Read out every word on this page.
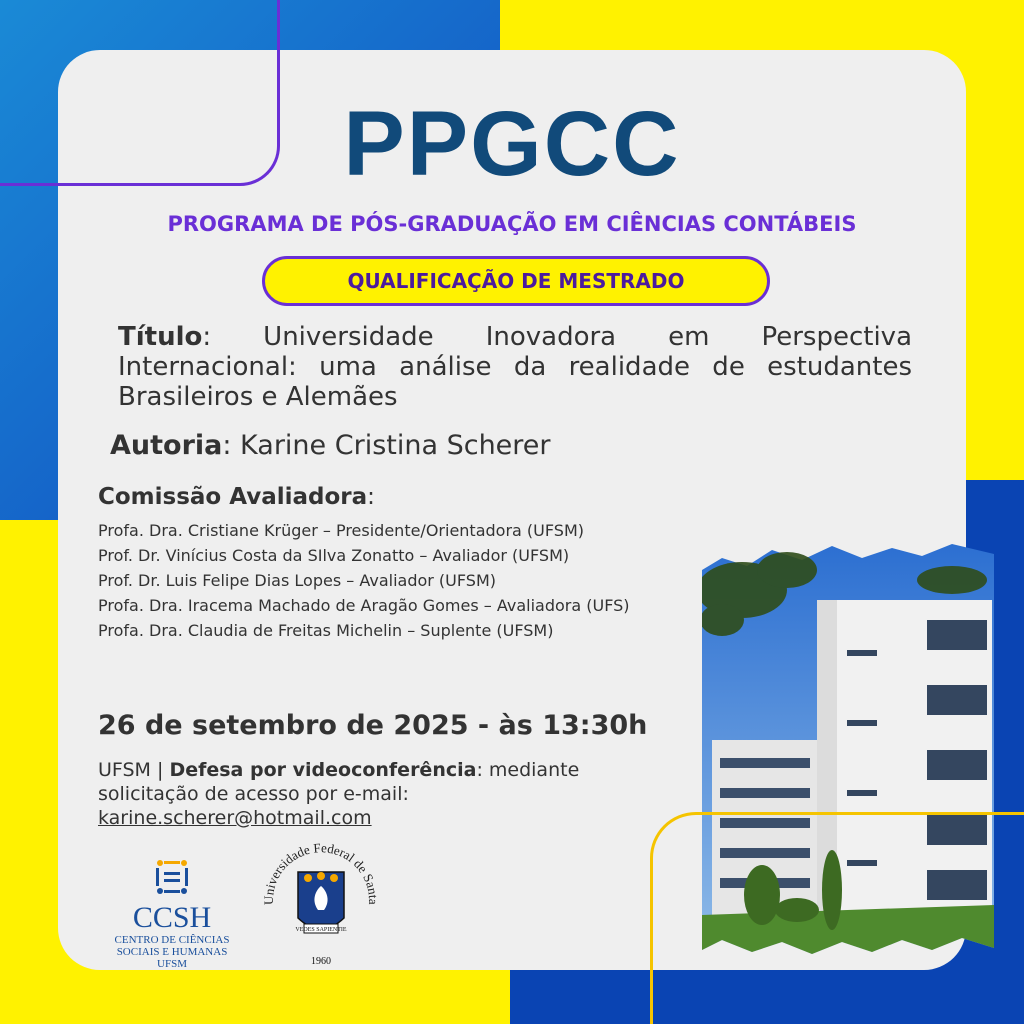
PPGCC
PROGRAMA DE PÓS-GRADUAÇÃO EM CIÊNCIAS CONTÁBEIS
QUALIFICAÇÃO DE MESTRADO
Título: Universidade Inovadora em Perspectiva Internacional: uma análise da realidade de estudantes Brasileiros e Alemães
Autoria: Karine Cristina Scherer
Comissão Avaliadora:
Profa. Dra. Cristiane Krüger – Presidente/Orientadora (UFSM)
Prof. Dr. Vinícius Costa da SIlva Zonatto – Avaliador (UFSM)
Prof. Dr. Luis Felipe Dias Lopes – Avaliador (UFSM)
Profa. Dra. Iracema Machado de Aragão Gomes – Avaliadora (UFS)
Profa. Dra. Claudia de Freitas Michelin – Suplente (UFSM)
26 de setembro de 2025 - às 13:30h
UFSM | Defesa por videoconferência: mediante solicitação de acesso por e-mail:
karine.scherer@hotmail.com
CCSH
CENTRO DE CIÊNCIAS
SOCIAIS E HUMANAS
UFSM
Universidade Federal de Santa
VEDES SAPIENTIE
1960
